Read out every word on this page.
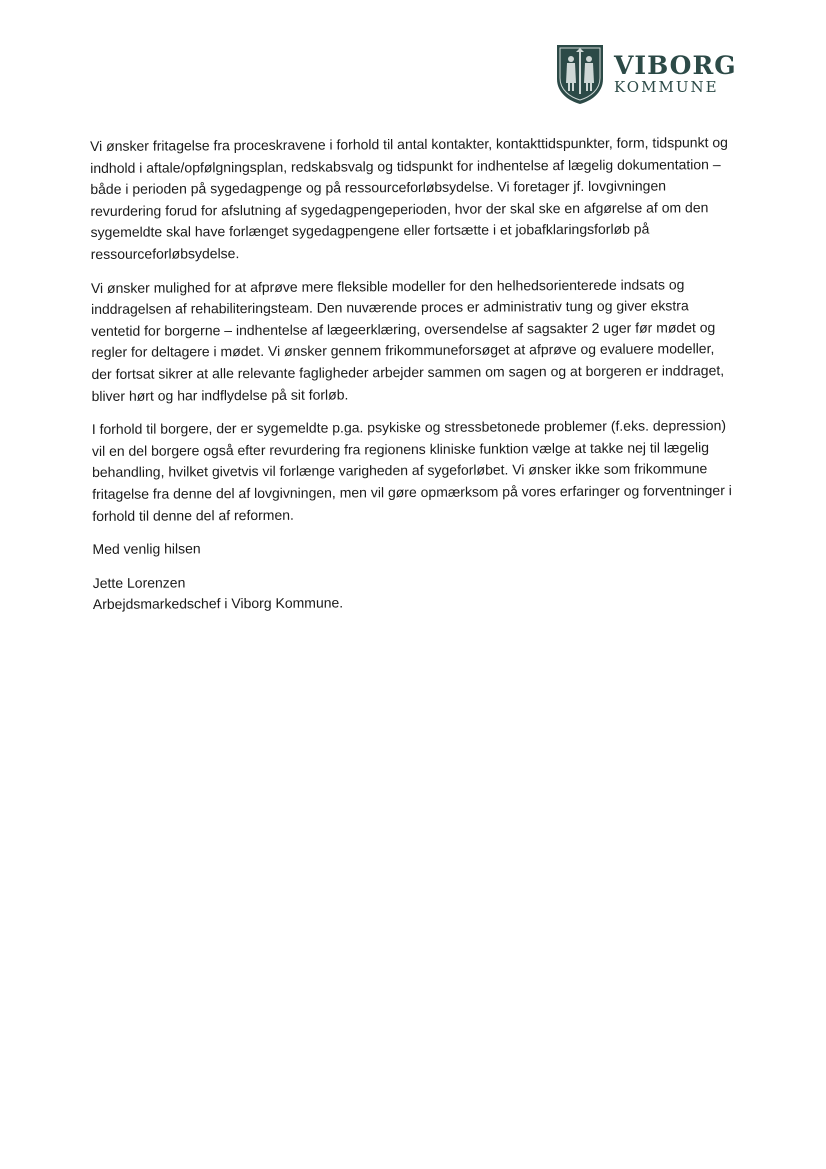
VIBORG
KOMMUNE

Vi ønsker fritagelse fra proceskravene i forhold til antal kontakter, kontakttidspunkter, form, tidspunkt og indhold i aftale/opfølgningsplan, redskabsvalg og tidspunkt for indhentelse af lægelig dokumentation – både i perioden på sygedagpenge og på ressourceforløbsydelse. Vi foretager jf. lovgivningen revurdering forud for afslutning af sygedagpengeperioden, hvor der skal ske en afgørelse af om den sygemeldte skal have forlænget sygedagpengene eller fortsætte i et jobafklaringsforløb på ressourceforløbsydelse.

Vi ønsker mulighed for at afprøve mere fleksible modeller for den helhedsorienterede indsats og inddragelsen af rehabiliteringsteam. Den nuværende proces er administrativ tung og giver ekstra ventetid for borgerne – indhentelse af lægeerklæring, oversendelse af sagsakter 2 uger før mødet og regler for deltagere i mødet. Vi ønsker gennem frikommuneforsøget at afprøve og evaluere modeller, der fortsat sikrer at alle relevante fagligheder arbejder sammen om sagen og at borgeren er inddraget, bliver hørt og har indflydelse på sit forløb.

I forhold til borgere, der er sygemeldte p.ga. psykiske og stressbetonede problemer (f.eks. depression) vil en del borgere også efter revurdering fra regionens kliniske funktion vælge at takke nej til lægelig behandling, hvilket givetvis vil forlænge varigheden af sygeforløbet. Vi ønsker ikke som frikommune fritagelse fra denne del af lovgivningen, men vil gøre opmærksom på vores erfaringer og forventninger i forhold til denne del af reformen.

Med venlig hilsen
Jette Lorenzen
Arbejdsmarkedschef i Viborg Kommune.
